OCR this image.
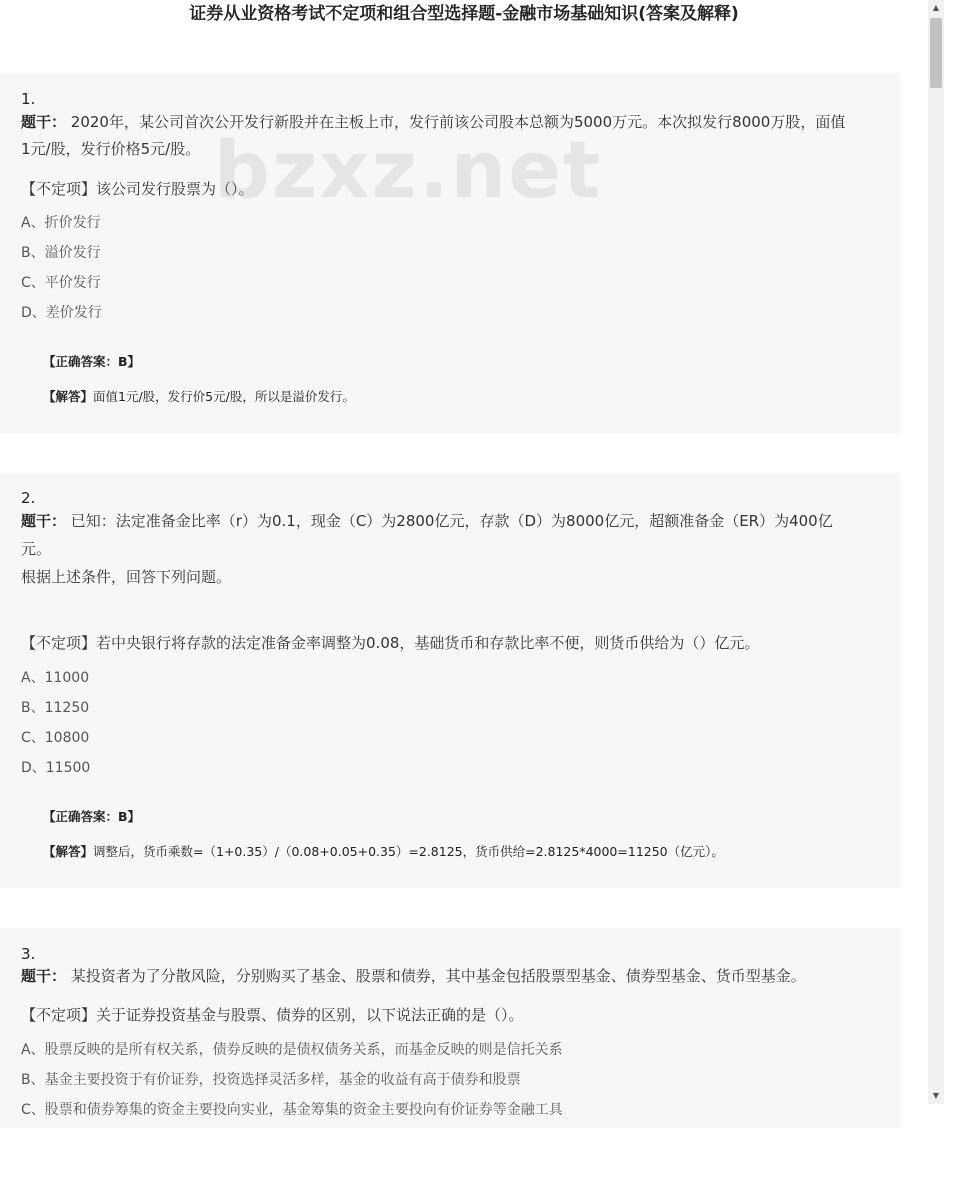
证券从业资格考试不定项和组合型选择题-金融市场基础知识(答案及解释)
1.
题干： 2020年，某公司首次公开发行新股并在主板上市，发行前该公司股本总额为5000万元。本次拟发行8000万股，面值
1元/股，发行价格5元/股。
【不定项】该公司发行股票为（）。
A、折价发行
B、溢价发行
C、平价发行
D、差价发行
【正确答案：B】
【解答】面值1元/股，发行价5元/股，所以是溢价发行。
2.
题干： 已知：法定准备金比率（r）为0.1，现金（C）为2800亿元，存款（D）为8000亿元，超额准备金（ER）为400亿
元。
根据上述条件，回答下列问题。
【不定项】若中央银行将存款的法定准备金率调整为0.08，基础货币和存款比率不便，则货币供给为（）亿元。
A、11000
B、11250
C、10800
D、11500
【正确答案：B】
【解答】调整后，货币乘数=（1+0.35）/（0.08+0.05+0.35）=2.8125，货币供给=2.8125*4000=11250（亿元）。
3.
题干： 某投资者为了分散风险，分别购买了基金、股票和债券，其中基金包括股票型基金、债券型基金、货币型基金。
【不定项】关于证券投资基金与股票、债券的区别，以下说法正确的是（）。
A、股票反映的是所有权关系，债券反映的是债权债务关系，而基金反映的则是信托关系
B、基金主要投资于有价证券，投资选择灵活多样，基金的收益有高于债券和股票
C、股票和债券筹集的资金主要投向实业，基金筹集的资金主要投向有价证券等金融工具
▲
▼
